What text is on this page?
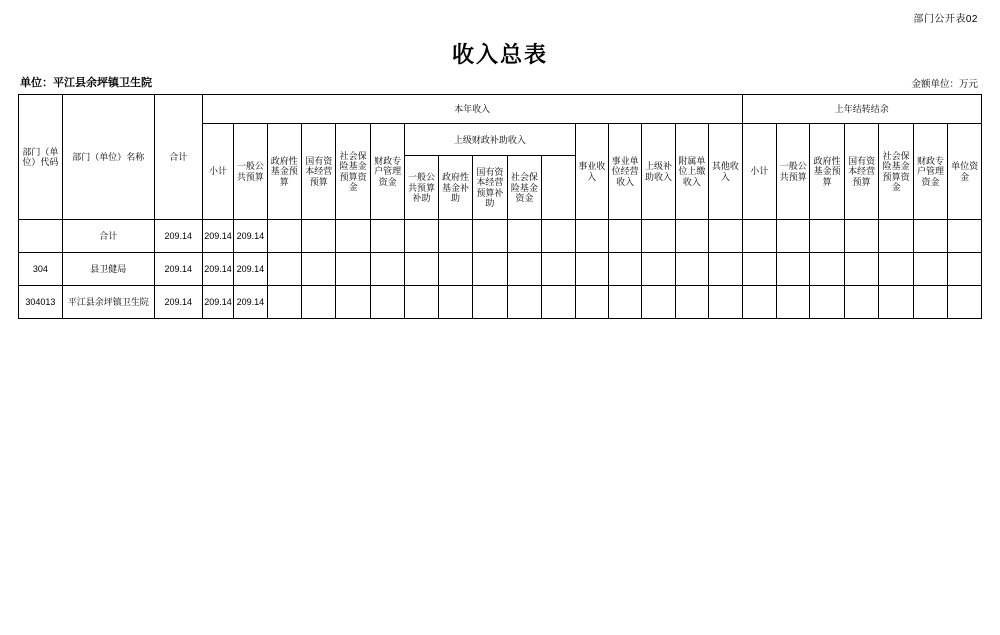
部门公开表02
收入总表
单位：平江县余坪镇卫生院	金额单位：万元
部门（单位）代码	部门（单位）名称	合计	本年收入																上年结转结余						
			小计	一般公共预算	政府性基金预算	国有资本经营预算	社会保险基金预算资金	财政专户管理资金	上级财政补助收入					事业收入	事业单位经营收入	上级补助收入	附属单位上缴收入	其他收入	小计	一般公共预算	政府性基金预算	国有资本经营预算	社会保险基金预算资金	财政专户管理资金	单位资金
									一般公共预算补助	政府性基金补助	国有资本经营预算补助	社会保险基金资金													

	合计	209.14	209.14	209.14																					
304	县卫健局	209.14	209.14	209.14																					
304013	平江县余坪镇卫生院	209.14	209.14	209.14																					
